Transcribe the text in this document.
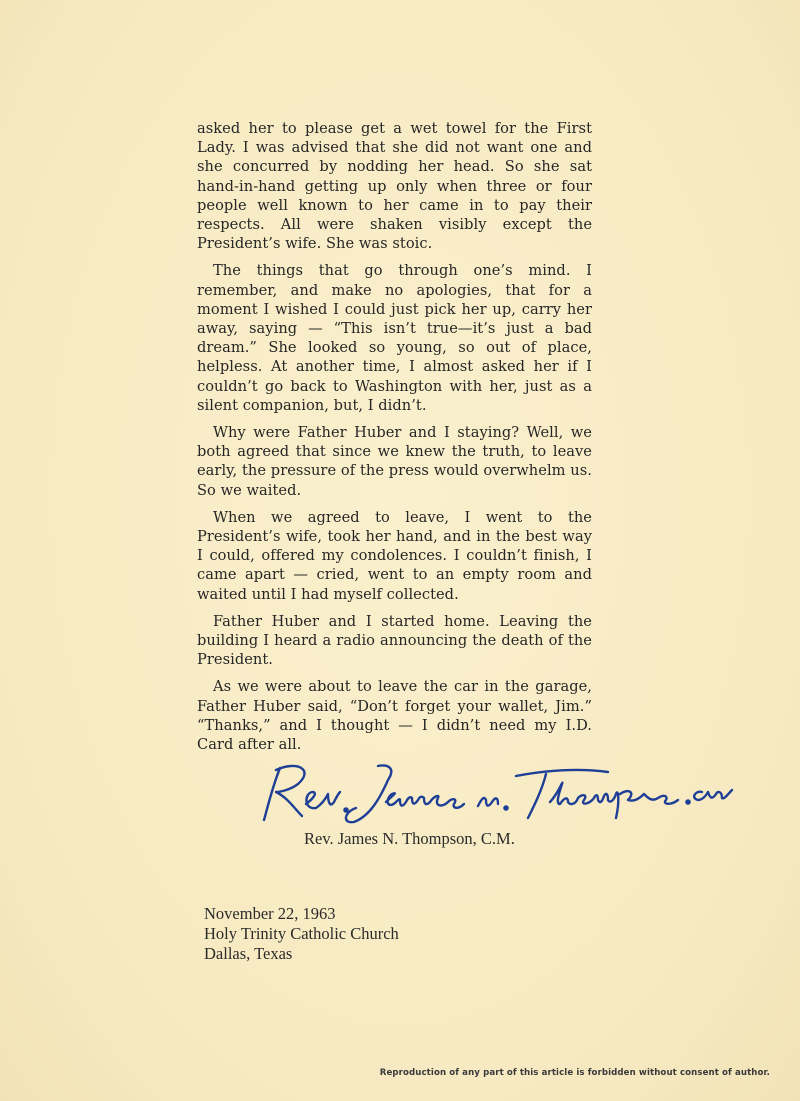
asked her to please get a wet towel for the First Lady. I was advised that she did not want one and she concurred by nodding her head. So she sat hand-in-hand getting up only when three or four people well known to her came in to pay their respects. All were shaken visibly except the President’s wife. She was stoic.

The things that go through one’s mind. I remember, and make no apologies, that for a moment I wished I could just pick her up, carry her away, saying — “This isn’t true—it’s just a bad dream.” She looked so young, so out of place, helpless. At another time, I almost asked her if I couldn’t go back to Washington with her, just as a silent companion, but, I didn’t.

Why were Father Huber and I staying? Well, we both agreed that since we knew the truth, to leave early, the pressure of the press would overwhelm us. So we waited.

When we agreed to leave, I went to the President’s wife, took her hand, and in the best way I could, offered my condolences. I couldn’t finish, I came apart — cried, went to an empty room and waited until I had myself collected.

Father Huber and I started home. Leaving the building I heard a radio announcing the death of the President.

As we were about to leave the car in the garage, Father Huber said, “Don’t forget your wallet, Jim.” “Thanks,” and I thought — I didn’t need my I.D. Card after all.

Rev. James N. Thompson, C.M.
November 22, 1963
Holy Trinity Catholic Church
Dallas, Texas
Reproduction of any part of this article is forbidden without consent of author.
